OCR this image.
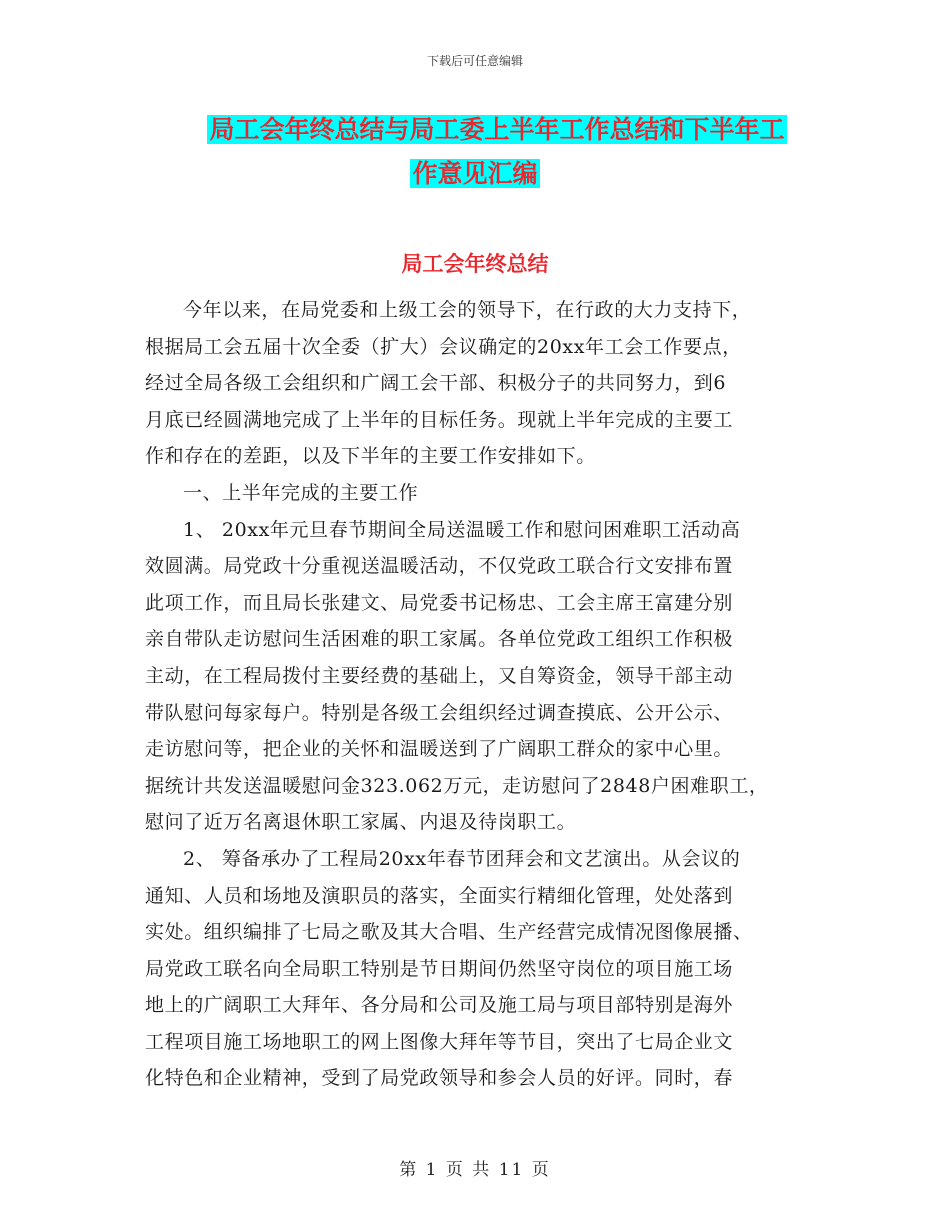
下载后可任意编辑
局工会年终总结与局工委上半年工作总结和下半年工
作意见汇编
局工会年终总结
今年以来，在局党委和上级工会的领导下，在行政的大力支持下，
根据局工会五届十次全委（扩大）会议确定的20xx年工会工作要点，
经过全局各级工会组织和广阔工会干部、积极分子的共同努力，到6
月底已经圆满地完成了上半年的目标任务。现就上半年完成的主要工
作和存在的差距，以及下半年的主要工作安排如下。
一、上半年完成的主要工作
1、 20xx年元旦春节期间全局送温暖工作和慰问困难职工活动高
效圆满。局党政十分重视送温暖活动，不仅党政工联合行文安排布置
此项工作，而且局长张建文、局党委书记杨忠、工会主席王富建分别
亲自带队走访慰问生活困难的职工家属。各单位党政工组织工作积极
主动，在工程局拨付主要经费的基础上，又自筹资金，领导干部主动
带队慰问每家每户。特别是各级工会组织经过调查摸底、公开公示、
走访慰问等，把企业的关怀和温暖送到了广阔职工群众的家中心里。
据统计共发送温暖慰问金323.062万元，走访慰问了2848户困难职工，
慰问了近万名离退休职工家属、内退及待岗职工。
2、 筹备承办了工程局20xx年春节团拜会和文艺演出。从会议的
通知、人员和场地及演职员的落实，全面实行精细化管理，处处落到
实处。组织编排了七局之歌及其大合唱、生产经营完成情况图像展播、
局党政工联名向全局职工特别是节日期间仍然坚守岗位的项目施工场
地上的广阔职工大拜年、各分局和公司及施工局与项目部特别是海外
工程项目施工场地职工的网上图像大拜年等节目，突出了七局企业文
化特色和企业精神，受到了局党政领导和参会人员的好评。同时，春
第 1 页 共 11 页
